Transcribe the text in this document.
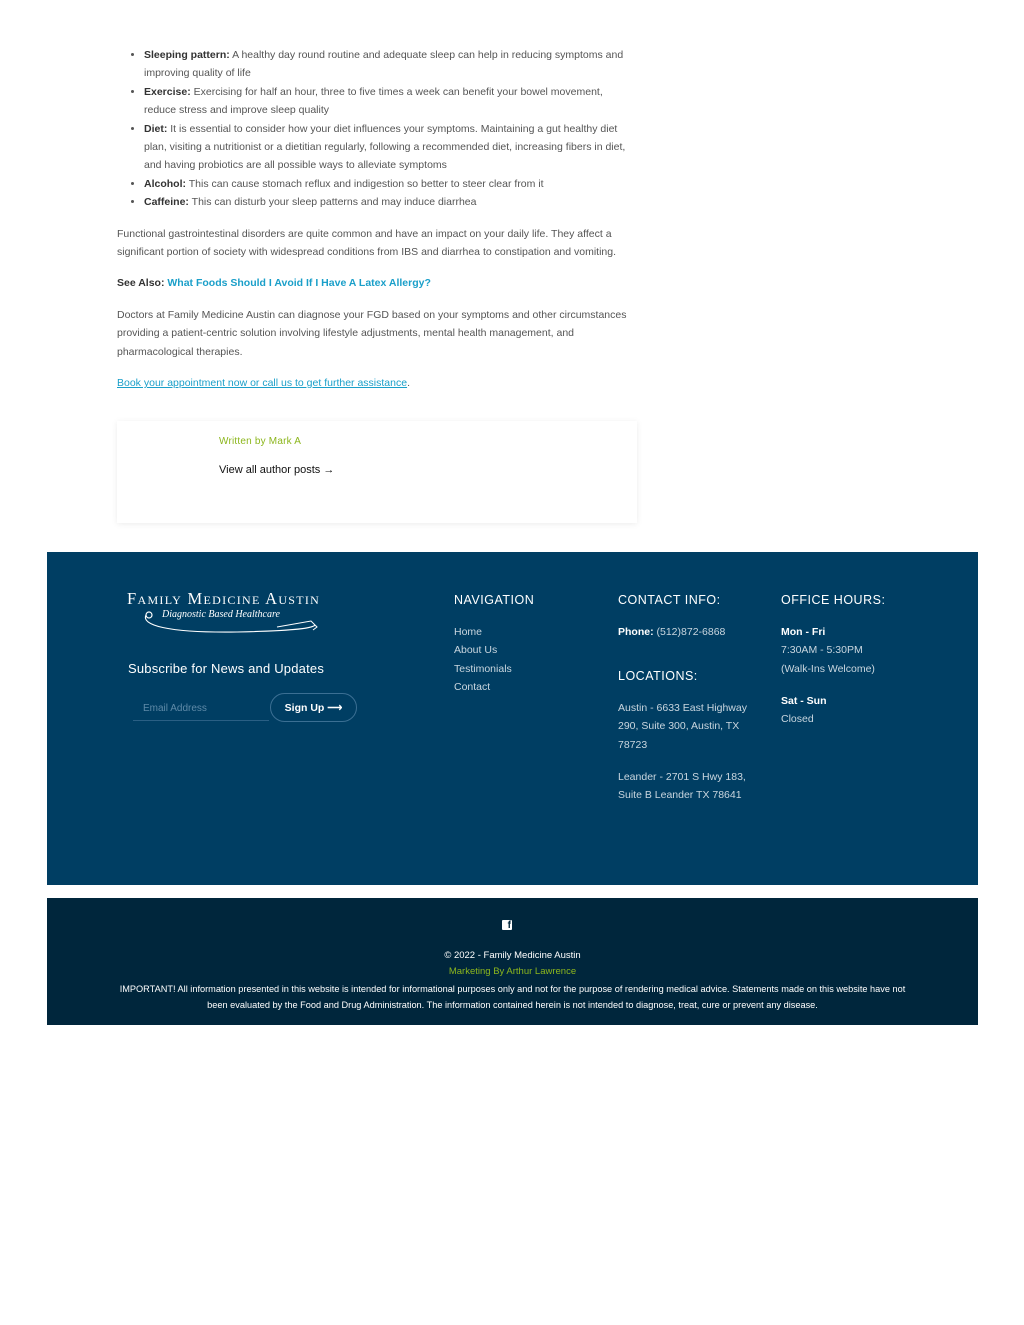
• Sleeping pattern: A healthy day round routine and adequate sleep can help in reducing symptoms and improving quality of life
• Exercise: Exercising for half an hour, three to five times a week can benefit your bowel movement, reduce stress and improve sleep quality
• Diet: It is essential to consider how your diet influences your symptoms. Maintaining a gut healthy diet plan, visiting a nutritionist or a dietitian regularly, following a recommended diet, increasing fibers in diet, and having probiotics are all possible ways to alleviate symptoms
• Alcohol: This can cause stomach reflux and indigestion so better to steer clear from it
• Caffeine: This can disturb your sleep patterns and may induce diarrhea

Functional gastrointestinal disorders are quite common and have an impact on your daily life. They affect a significant portion of society with widespread conditions from IBS and diarrhea to constipation and vomiting.

See Also: What Foods Should I Avoid If I Have A Latex Allergy?

Doctors at Family Medicine Austin can diagnose your FGD based on your symptoms and other circumstances providing a patient-centric solution involving lifestyle adjustments, mental health management, and pharmacological therapies.

Book your appointment now or call us to get further assistance.

Written by Mark A
View all author posts →
Family Medicine Austin
Diagnostic Based Healthcare
Subscribe for News and Updates
Email Address
Sign Up ⟶
NAVIGATION
Home
About Us
Testimonials
Contact
CONTACT INFO:
Phone: (512)872-6868
LOCATIONS:
Austin - 6633 East Highway 290, Suite 300, Austin, TX 78723
Leander - 2701 S Hwy 183, Suite B Leander TX 78641
OFFICE HOURS:
Mon - Fri
7:30AM - 5:30PM
(Walk-Ins Welcome)
Sat - Sun
Closed
f
© 2022 - Family Medicine Austin
Marketing By Arthur Lawrence
IMPORTANT! All information presented in this website is intended for informational purposes only and not for the purpose of rendering medical advice. Statements made on this website have not been evaluated by the Food and Drug Administration. The information contained herein is not intended to diagnose, treat, cure or prevent any disease.
